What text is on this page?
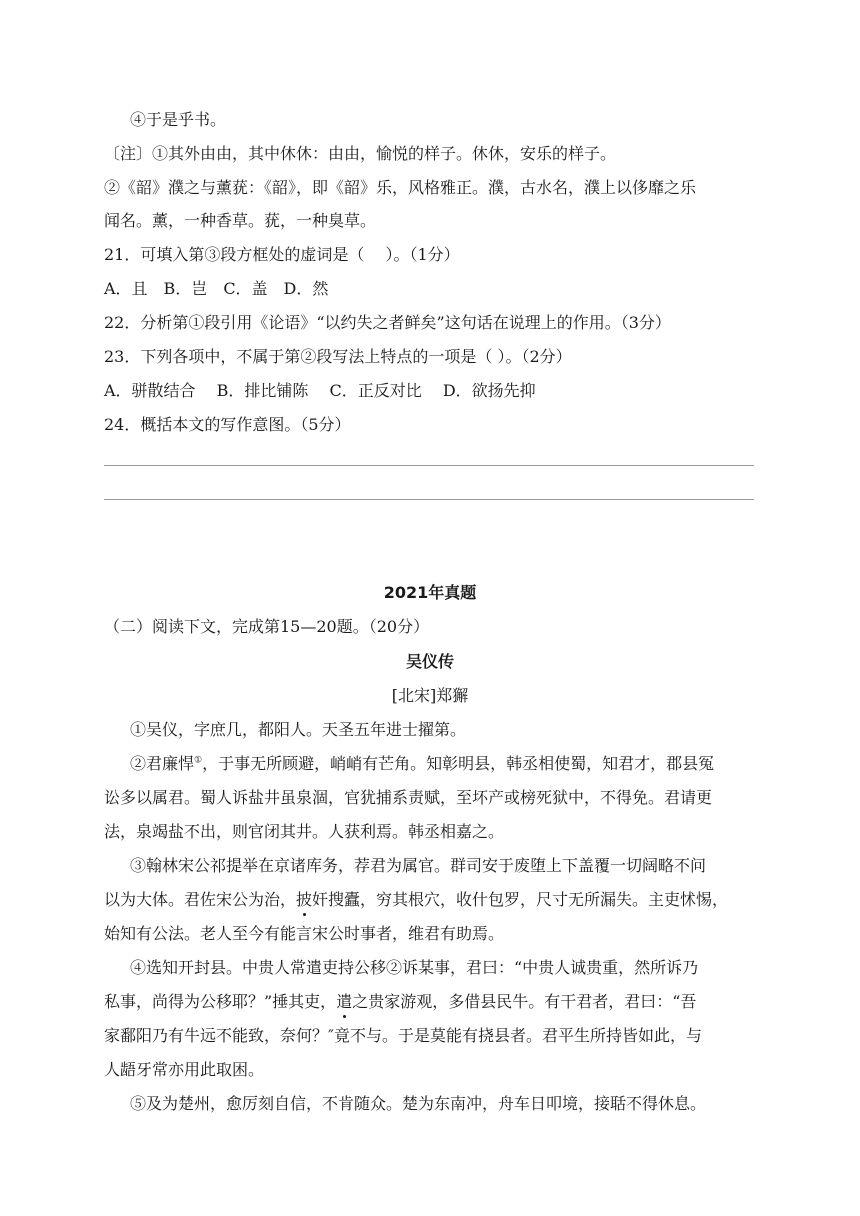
④于是乎书。
〔注〕①其外由由，其中休休：由由，愉悦的样子。休休，安乐的样子。
②《韶》濮之与薰莸：《韶》，即《韶》乐，风格雅正。濮，古水名，濮上以侈靡之乐
闻名。薰，一种香草。莸，一种臭草。
21．可填入第③段方框处的虚词是（　 ）。（1分）
A．且　B．岂　C．盖　D．然
22．分析第①段引用《论语》“以约失之者鲜矣”这句话在说理上的作用。（3分）
23．下列各项中，不属于第②段写法上特点的一项是（ ）。（2分）
A．骈散结合　 B．排比铺陈　 C．正反对比　 D．欲扬先抑
24．概括本文的写作意图。（5分）
2021年真题
（二）阅读下文，完成第15—20题。（20分）
吴仪传
[北宋]郑獬
①吴仪，字庶几，都阳人。天圣五年进士擢第。
②君廉悍①，于事无所顾避，峭峭有芒角。知彰明县，韩丞相使蜀，知君才，郡县冤
讼多以属君。蜀人诉盐井虽泉涸，官犹捕系责赋，至坏产或榜死狱中，不得免。君请更
法，泉竭盐不出，则官闭其井。人获利焉。韩丞相嘉之。
③翰林宋公祁提举在京诸库务，荐君为属官。群司安于废堕上下盖覆一切阔略不问
以为大体。君佐宋公为治，披奸搜蠹，穷其根穴，收什包罗，尺寸无所漏失。主吏怵惕，
始知有公法。老人至今有能言宋公时事者，维君有助焉。
④选知开封县。中贵人常遣吏持公移②诉某事，君曰：“中贵人诚贵重，然所诉乃
私事，尚得为公移耶？”捶其吏，遣之贵家游观，多借县民牛。有干君者，君曰：“吾
家鄱阳乃有牛远不能致，奈何？″竟不与。于是莫能有挠县者。君平生所持皆如此，与
人龉牙常亦用此取困。
⑤及为楚州，愈厉刻自信，不肯随众。楚为东南冲，舟车日叩境，接聒不得休息。
